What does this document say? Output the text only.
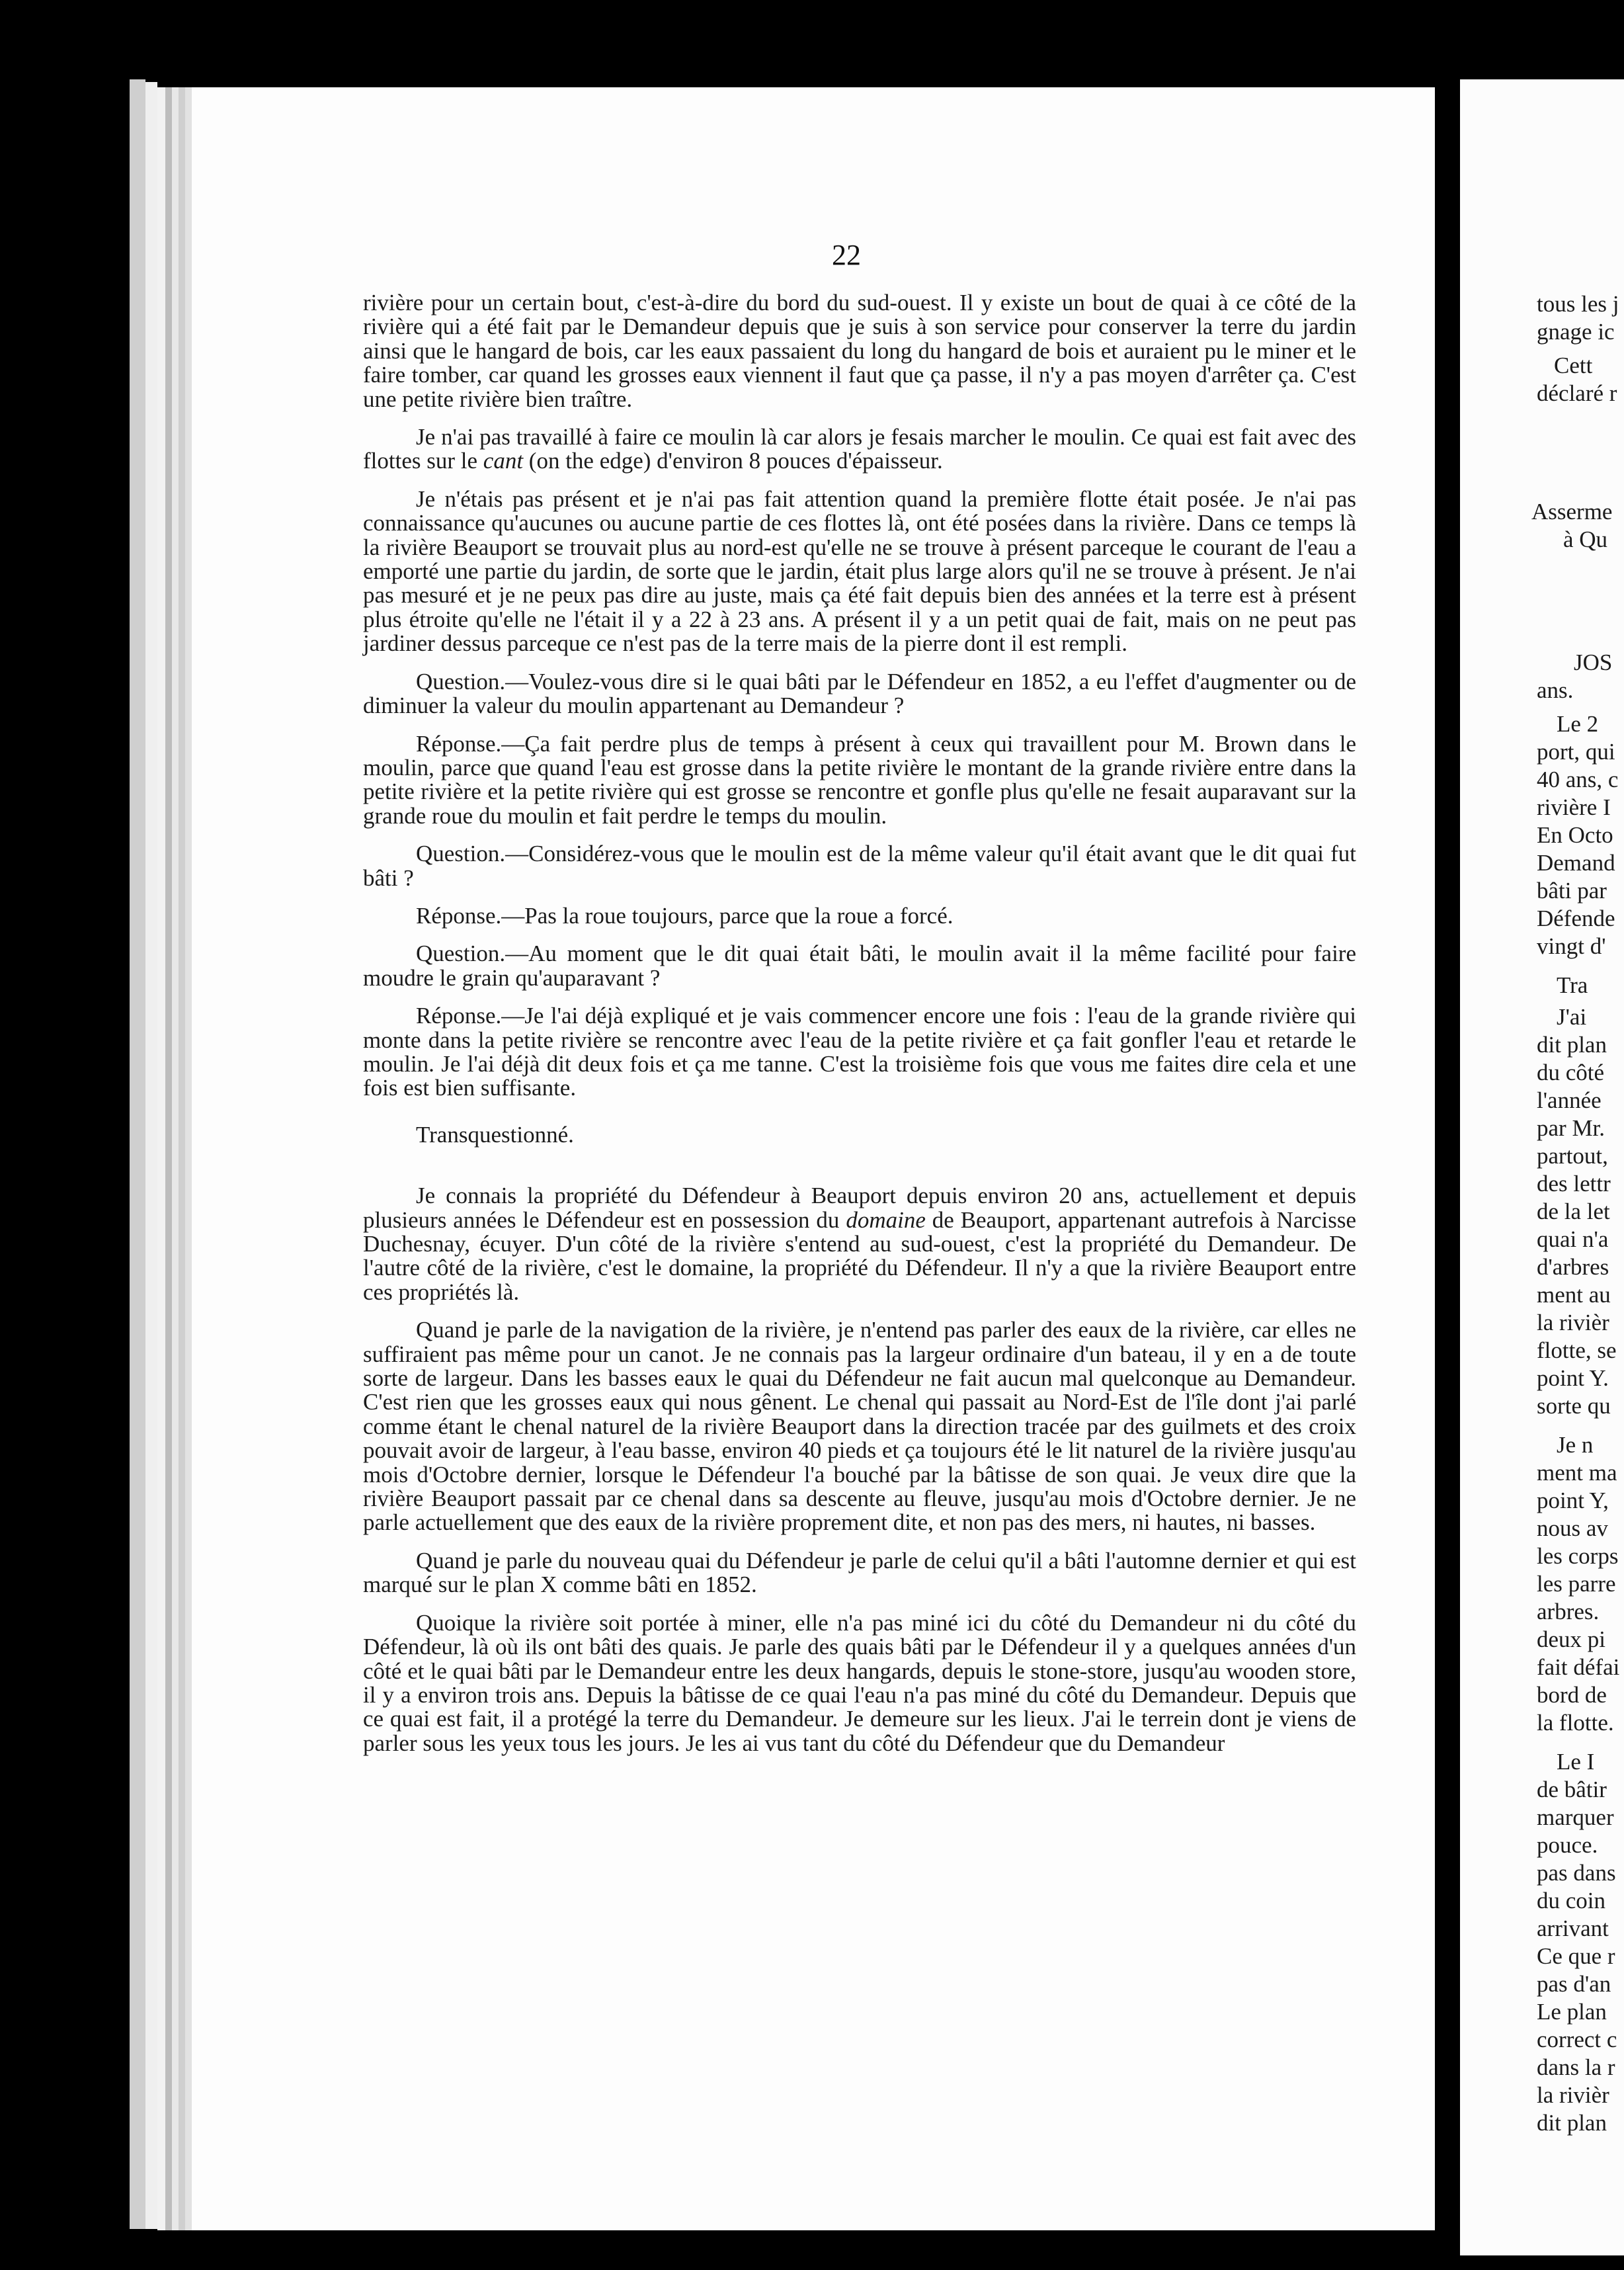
22

rivière pour un certain bout, c'est-à-dire du bord du sud-ouest. Il y existe un bout de quai à ce côté de la rivière qui a été fait par le Demandeur depuis que je suis à son service pour conserver la terre du jardin ainsi que le hangard de bois, car les eaux passaient du long du hangard de bois et auraient pu le miner et le faire tomber, car quand les grosses eaux viennent il faut que ça passe, il n'y a pas moyen d'arrêter ça. C'est une petite rivière bien traître.

Je n'ai pas travaillé à faire ce moulin là car alors je fesais marcher le moulin. Ce quai est fait avec des flottes sur le cant (on the edge) d'environ 8 pouces d'épaisseur.

Je n'étais pas présent et je n'ai pas fait attention quand la première flotte était posée. Je n'ai pas connaissance qu'aucunes ou aucune partie de ces flottes là, ont été posées dans la rivière. Dans ce temps là la rivière Beauport se trouvait plus au nord-est qu'elle ne se trouve à présent parceque le courant de l'eau a emporté une partie du jardin, de sorte que le jardin, était plus large alors qu'il ne se trouve à présent. Je n'ai pas mesuré et je ne peux pas dire au juste, mais ça été fait depuis bien des années et la terre est à présent plus étroite qu'elle ne l'était il y a 22 à 23 ans. A présent il y a un petit quai de fait, mais on ne peut pas jardiner dessus parceque ce n'est pas de la terre mais de la pierre dont il est rempli.

Question.—Voulez-vous dire si le quai bâti par le Défendeur en 1852, a eu l'effet d'augmenter ou de diminuer la valeur du moulin appartenant au Demandeur ?

Réponse.—Ça fait perdre plus de temps à présent à ceux qui travaillent pour M. Brown dans le moulin, parce que quand l'eau est grosse dans la petite rivière le montant de la grande rivière entre dans la petite rivière et la petite rivière qui est grosse se rencontre et gonfle plus qu'elle ne fesait auparavant sur la grande roue du moulin et fait perdre le temps du moulin.

Question.—Considérez-vous que le moulin est de la même valeur qu'il était avant que le dit quai fut bâti ?

Réponse.—Pas la roue toujours, parce que la roue a forcé.

Question.—Au moment que le dit quai était bâti, le moulin avait il la même facilité pour faire moudre le grain qu'auparavant ?

Réponse.—Je l'ai déjà expliqué et je vais commencer encore une fois : l'eau de la grande rivière qui monte dans la petite rivière se rencontre avec l'eau de la petite rivière et ça fait gonfler l'eau et retarde le moulin. Je l'ai déjà dit deux fois et ça me tanne. C'est la troisième fois que vous me faites dire cela et une fois est bien suffisante.

Transquestionné.

Je connais la propriété du Défendeur à Beauport depuis environ 20 ans, actuellement et depuis plusieurs années le Défendeur est en possession du domaine de Beauport, appartenant autrefois à Narcisse Duchesnay, écuyer. D'un côté de la rivière s'entend au sud-ouest, c'est la propriété du Demandeur. De l'autre côté de la rivière, c'est le domaine, la propriété du Défendeur. Il n'y a que la rivière Beauport entre ces propriétés là.

Quand je parle de la navigation de la rivière, je n'entend pas parler des eaux de la rivière, car elles ne suffiraient pas même pour un canot. Je ne connais pas la largeur ordinaire d'un bateau, il y en a de toute sorte de largeur. Dans les basses eaux le quai du Défendeur ne fait aucun mal quelconque au Demandeur. C'est rien que les grosses eaux qui nous gênent. Le chenal qui passait au Nord-Est de l'île dont j'ai parlé comme étant le chenal naturel de la rivière Beauport dans la direction tracée par des guilmets et des croix pouvait avoir de largeur, à l'eau basse, environ 40 pieds et ça toujours été le lit naturel de la rivière jusqu'au mois d'Octobre dernier, lorsque le Défendeur l'a bouché par la bâtisse de son quai. Je veux dire que la rivière Beauport passait par ce chenal dans sa descente au fleuve, jusqu'au mois d'Octobre dernier. Je ne parle actuellement que des eaux de la rivière proprement dite, et non pas des mers, ni hautes, ni basses.

Quand je parle du nouveau quai du Défendeur je parle de celui qu'il a bâti l'automne dernier et qui est marqué sur le plan X comme bâti en 1852.

Quoique la rivière soit portée à miner, elle n'a pas miné ici du côté du Demandeur ni du côté du Défendeur, là où ils ont bâti des quais. Je parle des quais bâti par le Défendeur il y a quelques années d'un côté et le quai bâti par le Demandeur entre les deux hangards, depuis le stone-store, jusqu'au wooden store, il y a environ trois ans. Depuis la bâtisse de ce quai l'eau n'a pas miné du côté du Demandeur. Depuis que ce quai est fait, il a protégé la terre du Demandeur. Je demeure sur les lieux. J'ai le terrein dont je viens de parler sous les yeux tous les jours. Je les ai vus tant du côté du Défendeur que du Demandeur

tous les j
gnage ic
Cett
déclaré r
Asserme
à Qu
JOS
ans.
Le 2
port, qui
40 ans, c
rivière I
En Octo
Demand
bâti par
Défende
vingt d'
Tra
J'ai
dit plan
du côté
l'année
par Mr.
partout,
des lettr
de la let
quai n'a
d'arbres
ment au
la rivièr
flotte, se
point Y.
sorte qu
Je n
ment ma
point Y,
nous av
les corps
les parre
arbres.
deux pi
fait défai
bord de
la flotte.
Le I
de bâtir
marquer
pouce.
pas dans
du coin
arrivant
Ce que r
pas d'an
Le plan
correct c
dans la r
la rivièr
dit plan
